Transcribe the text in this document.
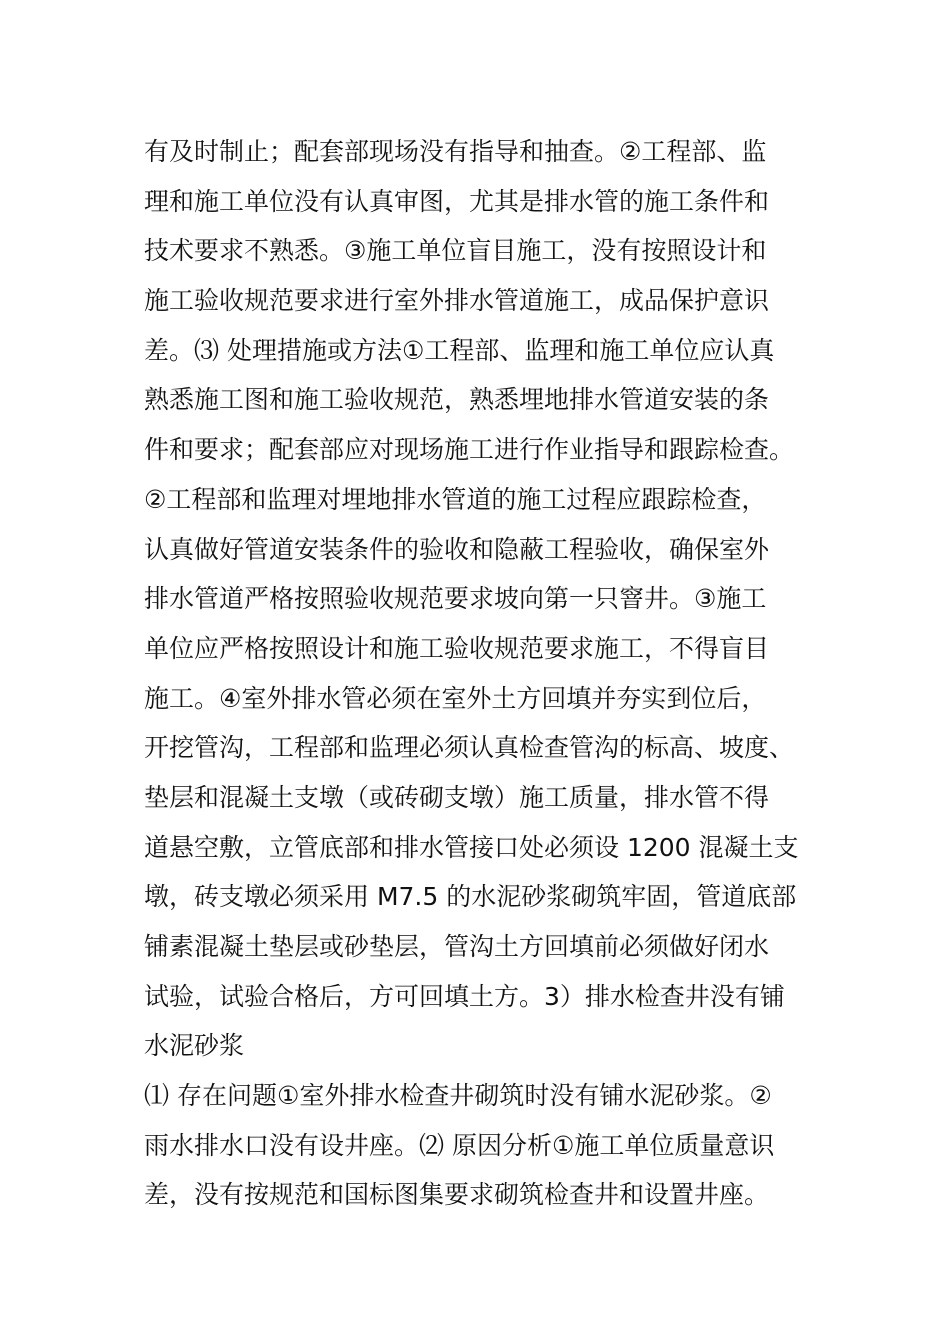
有及时制止；配套部现场没有指导和抽查。②工程部、监
理和施工单位没有认真审图，尤其是排水管的施工条件和
技术要求不熟悉。③施工单位盲目施工，没有按照设计和
施工验收规范要求进行室外排水管道施工，成品保护意识
差。⑶ 处理措施或方法①工程部、监理和施工单位应认真
熟悉施工图和施工验收规范，熟悉埋地排水管道安装的条
件和要求；配套部应对现场施工进行作业指导和跟踪检查。
②工程部和监理对埋地排水管道的施工过程应跟踪检查，
认真做好管道安装条件的验收和隐蔽工程验收，确保室外
排水管道严格按照验收规范要求坡向第一只窨井。③施工
单位应严格按照设计和施工验收规范要求施工，不得盲目
施工。④室外排水管必须在室外土方回填并夯实到位后，
开挖管沟，工程部和监理必须认真检查管沟的标高、坡度、
垫层和混凝土支墩（或砖砌支墩）施工质量，排水管不得
道悬空敷，立管底部和排水管接口处必须设 1200 混凝土支
墩，砖支墩必须采用 M7.5 的水泥砂浆砌筑牢固，管道底部
铺素混凝土垫层或砂垫层，管沟土方回填前必须做好闭水
试验，试验合格后，方可回填土方。3）排水检查井没有铺
水泥砂浆
⑴ 存在问题①室外排水检查井砌筑时没有铺水泥砂浆。②
雨水排水口没有设井座。⑵ 原因分析①施工单位质量意识
差，没有按规范和国标图集要求砌筑检查井和设置井座。
